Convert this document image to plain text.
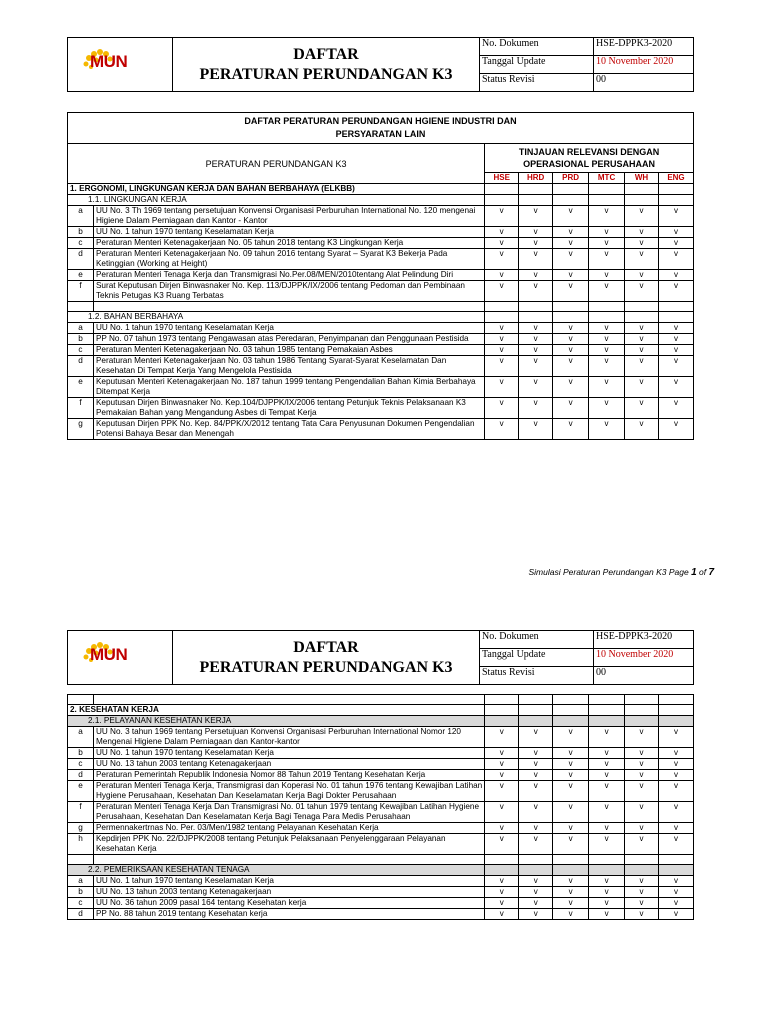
MUN	DAFTAR
PERATURAN PERUNDANGAN K3	No. Dokumen	HSE-DPPK3-2020
		Tanggal Update	10 November 2020
		Status Revisi	00
DAFTAR PERATURAN PERUNDANGAN HGIENE INDUSTRI DAN
PERSYARATAN LAIN							

PERATURAN PERUNDANGAN K3		TINJAUAN RELEVANSI DENGAN
OPERASIONAL PERUSAHAAN					

		HSE	HRD	PRD	MTC	WH	ENG
1. ERGONOMI, LINGKUNGAN KERJA DAN BAHAN BERBAHAYA (ELKBB)							
1.1. LINGKUNGAN KERJA							
a	UU No. 3 Th 1969 tentang persetujuan Konvensi Organisasi Perburuhan International No. 120 mengenai Higiene Dalam Perniagaan dan Kantor - Kantor	v	v	v	v	v	v
b	UU No. 1 tahun 1970 tentang Keselamatan Kerja	v	v	v	v	v	v
c	Peraturan Menteri Ketenagakerjaan No. 05 tahun 2018 tentang K3 Lingkungan Kerja	v	v	v	v	v	v
d	Peraturan Menteri Ketenagakerjaan No. 09 tahun 2016 tentang Syarat – Syarat K3 Bekerja Pada Ketinggian (Working at Height)	v	v	v	v	v	v
e	Peraturan Menteri Tenaga Kerja dan Transmigrasi No.Per.08/MEN/2010tentang Alat Pelindung Diri	v	v	v	v	v	v
f	Surat Keputusan Dirjen Binwasnaker No. Kep. 113/DJPPK/IX/2006 tentang Pedoman dan Pembinaan Teknis Petugas K3 Ruang Terbatas	v	v	v	v	v	v

1.2. BAHAN BERBAHAYA							
a	UU No. 1 tahun 1970 tentang Keselamatan Kerja	v	v	v	v	v	v
b	PP No. 07 tahun 1973 tentang Pengawasan atas Peredaran, Penyimpanan dan Penggunaan Pestisida	v	v	v	v	v	v
c	Peraturan Menteri Ketenagakerjaan No. 03 tahun 1985 tentang Pemakaian Asbes	v	v	v	v	v	v
d	Peraturan Menteri Ketenagakerjaan No. 03 tahun 1986 Tentang Syarat-Syarat Keselamatan Dan Kesehatan Di Tempat Kerja Yang Mengelola Pestisida	v	v	v	v	v	v
e	Keputusan Menteri Ketenagakerjaan No. 187 tahun 1999 tentang Pengendalian Bahan Kimia Berbahaya Ditempat Kerja	v	v	v	v	v	v
f	Keputusan Dirjen Binwasnaker No. Kep.104/DJPPK/IX/2006 tentang Petunjuk Teknis Pelaksanaan K3 Pemakaian Bahan yang Mengandung Asbes di Tempat Kerja	v	v	v	v	v	v
g	Keputusan Dirjen PPK No. Kep. 84/PPK/X/2012 tentang Tata Cara Penyusunan Dokumen Pengendalian Potensi Bahaya Besar dan Menengah	v	v	v	v	v	v
Simulasi Peraturan Perundangan K3 Page 1 of 7
MUN	DAFTAR
PERATURAN PERUNDANGAN K3	No. Dokumen	HSE-DPPK3-2020
		Tanggal Update	10 November 2020
		Status Revisi	00

2. KESEHATAN KERJA							
2.1. PELAYANAN KESEHATAN KERJA							
a	UU No. 3 tahun 1969 tentang Persetujuan Konvensi Organisasi Perburuhan International Nomor 120 Mengenai Higiene Dalam Perniagaan dan Kantor-kantor	v	v	v	v	v	v
b	UU No. 1 tahun 1970 tentang Keselamatan Kerja	v	v	v	v	v	v
c	UU No. 13 tahun 2003 tentang Ketenagakerjaan	v	v	v	v	v	v
d	Peraturan Pemerintah Republik Indonesia Nomor 88 Tahun 2019 Tentang Kesehatan Kerja	v	v	v	v	v	v
e	Peraturan Menteri Tenaga Kerja, Transmigrasi dan Koperasi No. 01 tahun 1976 tentang Kewajiban Latihan Hygiene Perusahaan, Kesehatan Dan Keselamatan Kerja Bagi Dokter Perusahaan	v	v	v	v	v	v
f	Peraturan Menteri Tenaga Kerja Dan Transmigrasi No. 01 tahun 1979 tentang Kewajiban Latihan Hygiene Perusahaan, Kesehatan Dan Keselamatan Kerja Bagi Tenaga Para Medis Perusahaan	v	v	v	v	v	v
g	Permennakertrnas No. Per. 03/Men/1982 tentang Pelayanan Kesehatan Kerja	v	v	v	v	v	v
h	Kepdirjen PPK No. 22/DJPPK/2008 tentang Petunjuk Pelaksanaan Penyelenggaraan Pelayanan Kesehatan Kerja	v	v	v	v	v	v

2.2. PEMERIKSAAN KESEHATAN TENAGA							
a	UU No. 1 tahun 1970 tentang Keselamatan Kerja	v	v	v	v	v	v
b	UU No. 13 tahun 2003 tentang Ketenagakerjaan	v	v	v	v	v	v
c	UU No. 36 tahun 2009 pasal 164 tentang Kesehatan kerja	v	v	v	v	v	v
d	PP No. 88 tahun 2019 tentang Kesehatan kerja	v	v	v	v	v	v
